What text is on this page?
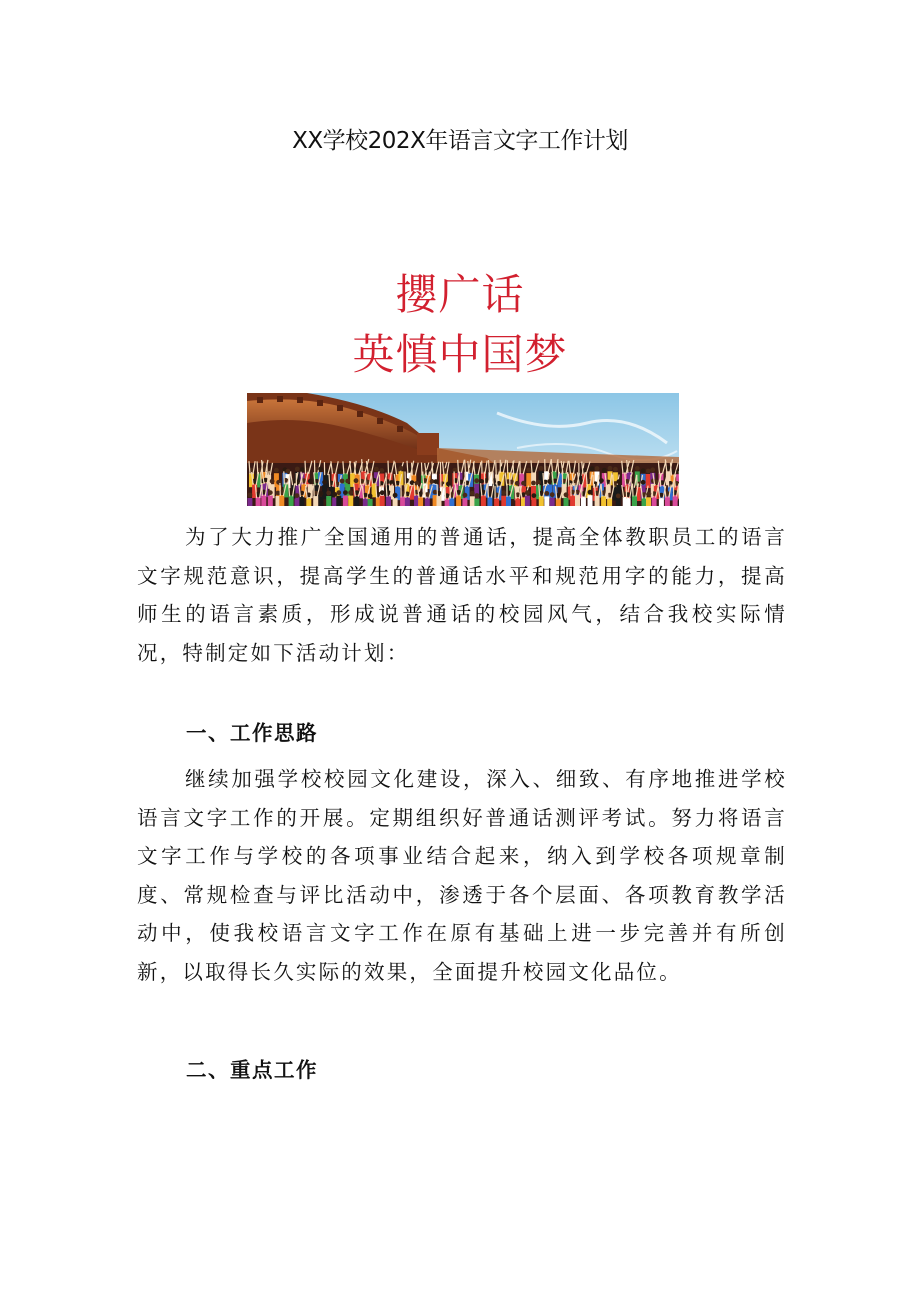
XX学校202X年语言文字工作计划
攖广话
英慎中国梦

为了大力推广全国通用的普通话，提高全体教职员工的语言文字规范意识，提高学生的普通话水平和规范用字的能力，提高师生的语言素质，形成说普通话的校园风气，结合我校实际情况，特制定如下活动计划：

一、工作思路

继续加强学校校园文化建设，深入、细致、有序地推进学校语言文字工作的开展。定期组织好普通话测评考试。努力将语言文字工作与学校的各项事业结合起来，纳入到学校各项规章制度、常规检查与评比活动中，渗透于各个层面、各项教育教学活动中，使我校语言文字工作在原有基础上进一步完善并有所创新，以取得长久实际的效果，全面提升校园文化品位。

二、重点工作
